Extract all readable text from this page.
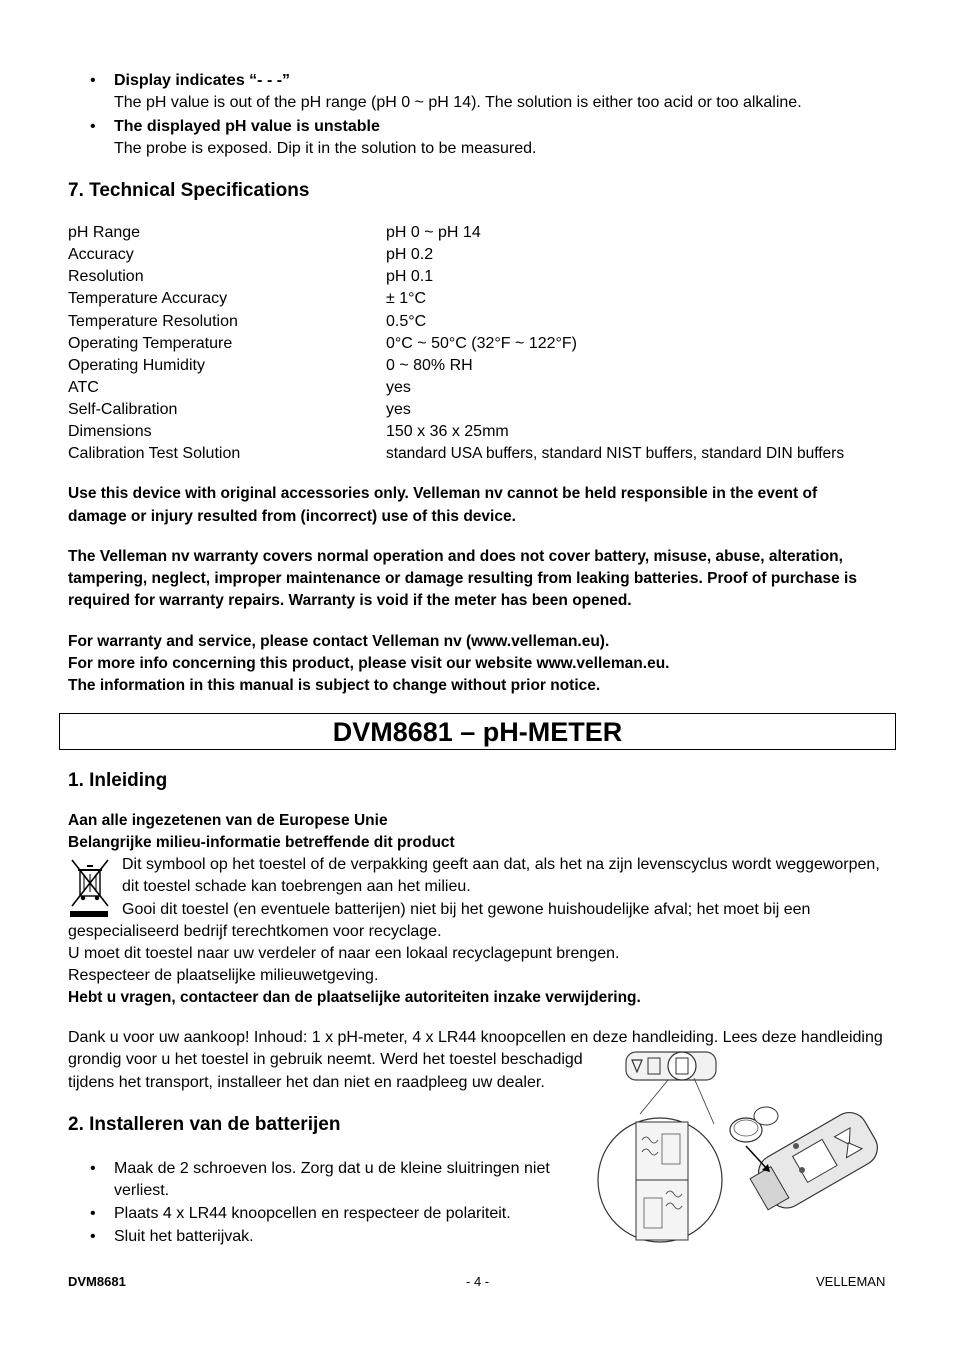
• Display indicates “- - -”
The pH value is out of the pH range (pH 0 ~ pH 14). The solution is either too acid or too alkaline.
• The displayed pH value is unstable
The probe is exposed. Dip it in the solution to be measured.
7. Technical Specifications
pH Range	pH 0 ~ pH 14
Accuracy	pH 0.2
Resolution	pH 0.1
Temperature Accuracy	± 1°C
Temperature Resolution	0.5°C
Operating Temperature	0°C ~ 50°C (32°F ~ 122°F)
Operating Humidity	0 ~ 80% RH
ATC	yes
Self-Calibration	yes
Dimensions	150 x 36 x 25mm
Calibration Test Solution	standard USA buffers, standard NIST buffers, standard DIN buffers
Use this device with original accessories only. Velleman nv cannot be held responsible in the event of
damage or injury resulted from (incorrect) use of this device.
The Velleman nv warranty covers normal operation and does not cover battery, misuse, abuse, alteration,
tampering, neglect, improper maintenance or damage resulting from leaking batteries. Proof of purchase is
required for warranty repairs. Warranty is void if the meter has been opened.
For warranty and service, please contact Velleman nv (www.velleman.eu).
For more info concerning this product, please visit our website www.velleman.eu.
The information in this manual is subject to change without prior notice.
DVM8681 – pH-METER
1. Inleiding
Aan alle ingezetenen van de Europese Unie
Belangrijke milieu-informatie betreffende dit product
Dit symbool op het toestel of de verpakking geeft aan dat, als het na zijn levenscyclus wordt weggeworpen,
dit toestel schade kan toebrengen aan het milieu.
Gooi dit toestel (en eventuele batterijen) niet bij het gewone huishoudelijke afval; het moet bij een
gespecialiseerd bedrijf terechtkomen voor recyclage.
U moet dit toestel naar uw verdeler of naar een lokaal recyclagepunt brengen.
Respecteer de plaatselijke milieuwetgeving.
Hebt u vragen, contacteer dan de plaatselijke autoriteiten inzake verwijdering.
Dank u voor uw aankoop! Inhoud: 1 x pH-meter, 4 x LR44 knoopcellen en deze handleiding. Lees deze handleiding
grondig voor u het toestel in gebruik neemt. Werd het toestel beschadigd
tijdens het transport, installeer het dan niet en raadpleeg uw dealer.
2. Installeren van de batterijen
• Maak de 2 schroeven los. Zorg dat u de kleine sluitringen niet
verliest.
• Plaats 4 x LR44 knoopcellen en respecteer de polariteit.
• Sluit het batterijvak.
DVM8681	- 4 -	VELLEMAN
